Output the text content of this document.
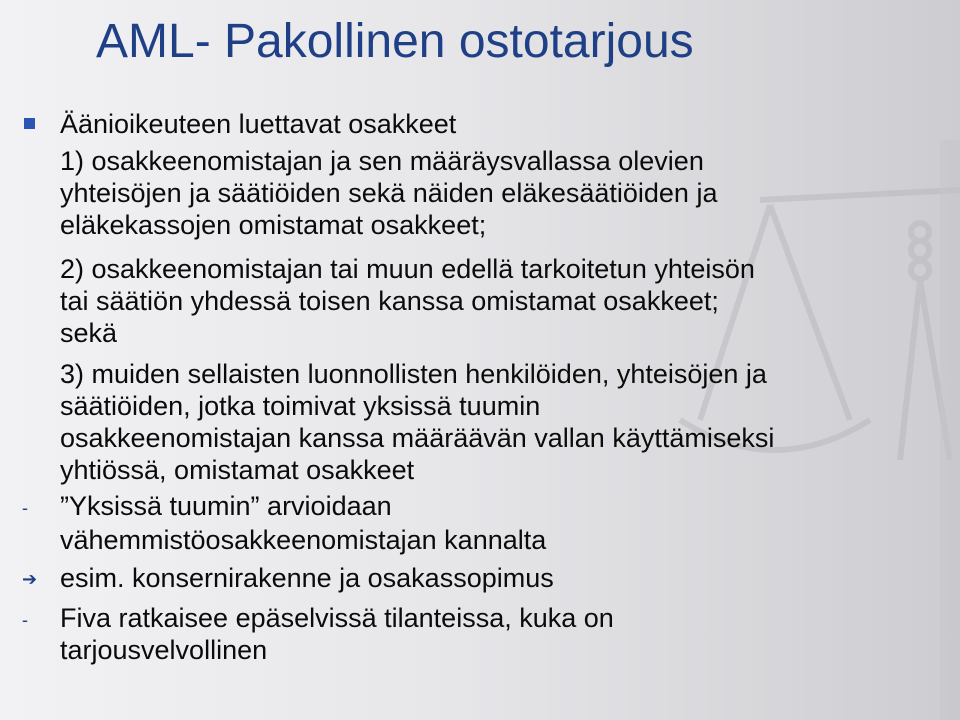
AML- Pakollinen ostotarjous
Äänioikeuteen luettavat osakkeet
1) osakkeenomistajan ja sen määräysvallassa olevien
yhteisöjen ja säätiöiden sekä näiden eläkesäätiöiden ja
eläkekassojen omistamat osakkeet;
2) osakkeenomistajan tai muun edellä tarkoitetun yhteisön
tai säätiön yhdessä toisen kanssa omistamat osakkeet;
sekä
3) muiden sellaisten luonnollisten henkilöiden, yhteisöjen ja
säätiöiden, jotka toimivat yksissä tuumin
osakkeenomistajan kanssa määräävän vallan käyttämiseksi
yhtiössä, omistamat osakkeet
- ”Yksissä tuumin” arvioidaan
vähemmistöosakkeenomistajan kannalta
➔ esim. konsernirakenne ja osakassopimus
- Fiva ratkaisee epäselvissä tilanteissa, kuka on
tarjousvelvollinen
